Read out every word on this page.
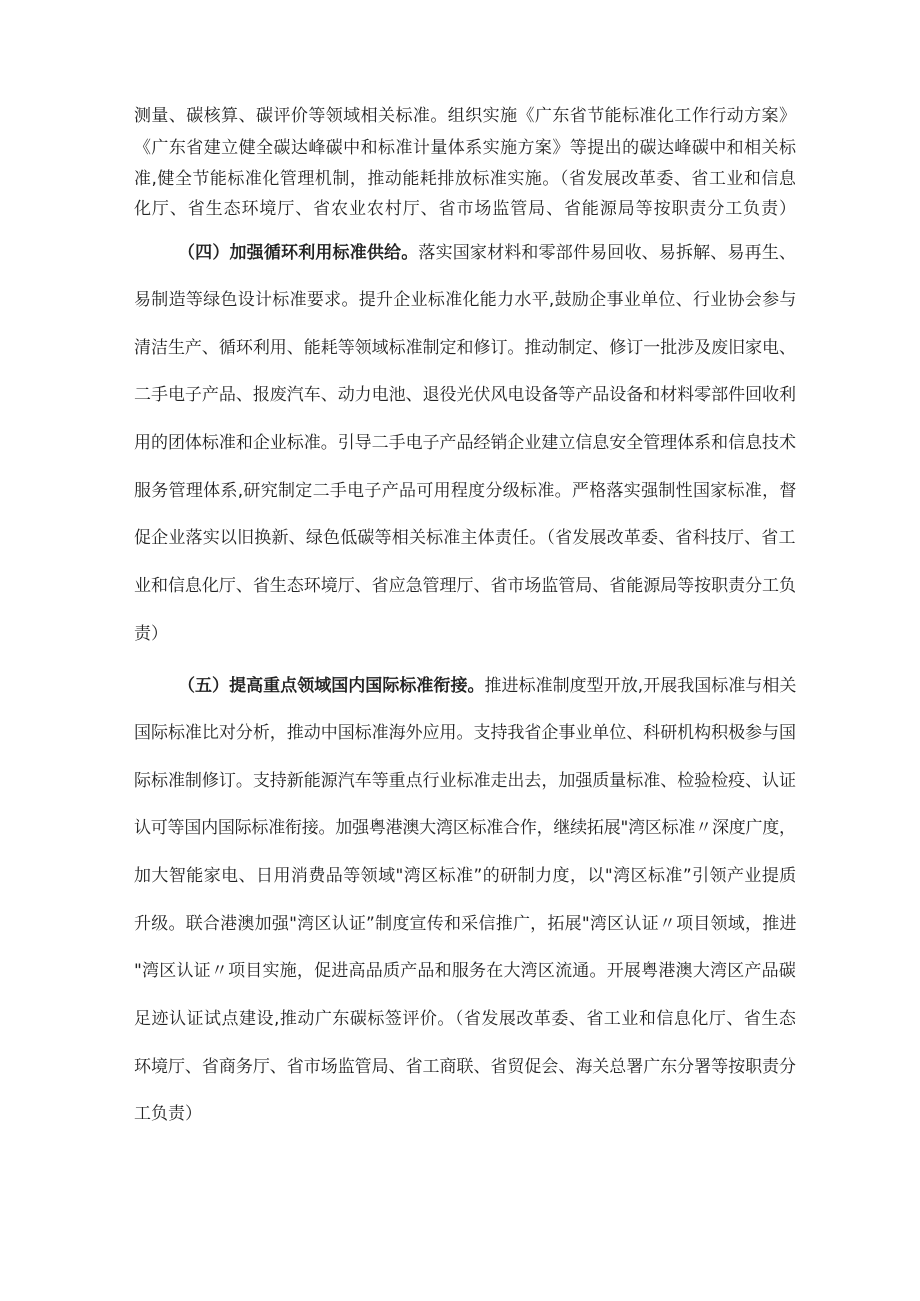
测量、碳核算、碳评价等领域相关标准。组织实施《广东省节能标准化工作行动方案》
《广东省建立健全碳达峰碳中和标准计量体系实施方案》等提出的碳达峰碳中和相关标
准,健全节能标准化管理机制，推动能耗排放标准实施。（省发展改革委、省工业和信息
化厅、省生态环境厅、省农业农村厅、省市场监管局、省能源局等按职责分工负责）
（四）加强循环利用标准供给。落实国家材料和零部件易回收、易拆解、易再生、
易制造等绿色设计标准要求。提升企业标准化能力水平,鼓励企事业单位、行业协会参与
清洁生产、循环利用、能耗等领域标准制定和修订。推动制定、修订一批涉及废旧家电、
二手电子产品、报废汽车、动力电池、退役光伏风电设备等产品设备和材料零部件回收利
用的团体标准和企业标准。引导二手电子产品经销企业建立信息安全管理体系和信息技术
服务管理体系,研究制定二手电子产品可用程度分级标准。严格落实强制性国家标准，督
促企业落实以旧换新、绿色低碳等相关标准主体责任。（省发展改革委、省科技厅、省工
业和信息化厅、省生态环境厅、省应急管理厅、省市场监管局、省能源局等按职责分工负
责）
（五）提高重点领域国内国际标准衔接。推进标准制度型开放,开展我国标准与相关
国际标准比对分析，推动中国标准海外应用。支持我省企事业单位、科研机构积极参与国
际标准制修订。支持新能源汽车等重点行业标准走出去，加强质量标准、检验检疫、认证
认可等国内国际标准衔接。加强粤港澳大湾区标准合作，继续拓展"湾区标准〃深度广度，
加大智能家电、日用消费品等领域"湾区标准”的研制力度，以"湾区标准”引领产业提质
升级。联合港澳加强"湾区认证”制度宣传和采信推广，拓展"湾区认证〃项目领域，推进
"湾区认证〃项目实施，促进高品质产品和服务在大湾区流通。开展粤港澳大湾区产品碳
足迹认证试点建设,推动广东碳标签评价。（省发展改革委、省工业和信息化厅、省生态
环境厅、省商务厅、省市场监管局、省工商联、省贸促会、海关总署广东分署等按职责分
工负责）
